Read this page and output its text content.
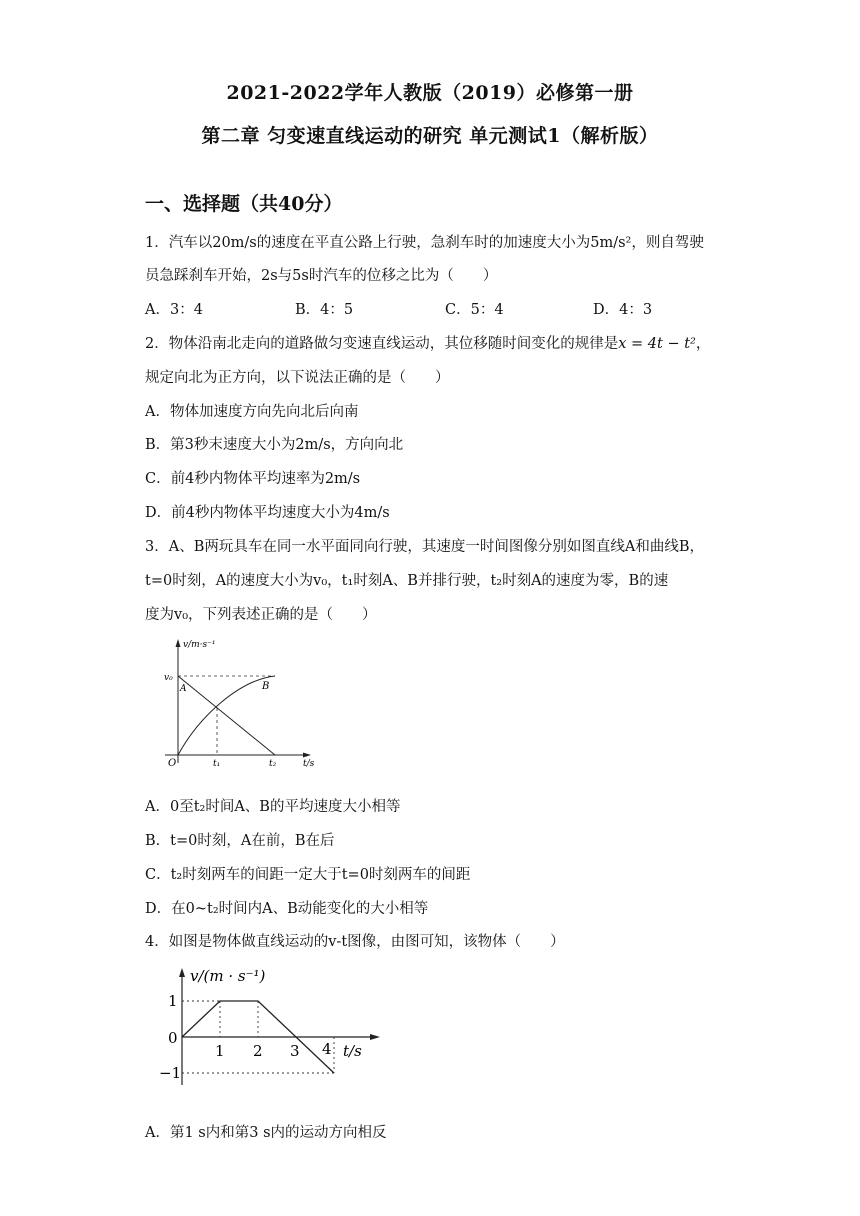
2021-2022学年人教版（2019）必修第一册
第二章 匀变速直线运动的研究 单元测试1（解析版）
一、选择题（共40分）
1．汽车以20m/s的速度在平直公路上行驶，急刹车时的加速度大小为5m/s²，则自驾驶
员急踩刹车开始，2s与5s时汽车的位移之比为（　　）
A．3：4	B．4：5	C．5：4	D．4：3
2．物体沿南北走向的道路做匀变速直线运动，其位移随时间变化的规律是x = 4t − t²，
规定向北为正方向，以下说法正确的是（　　）
A．物体加速度方向先向北后向南
B．第3秒末速度大小为2m/s，方向向北
C．前4秒内物体平均速率为2m/s
D．前4秒内物体平均速度大小为4m/s
3．A、B两玩具车在同一水平面同向行驶，其速度一时间图像分别如图直线A和曲线B，
t=0时刻，A的速度大小为v₀，t₁时刻A、B并排行驶，t₂时刻A的速度为零，B的速
度为v₀，下列表述正确的是（　　）
v/m·s⁻¹
v₀
A	B
O	t₁	t₂	t/s
A．0至t₂时间A、B的平均速度大小相等
B．t=0时刻，A在前，B在后
C．t₂时刻两车的间距一定大于t=0时刻两车的间距
D．在0~t₂时间内A、B动能变化的大小相等
4．如图是物体做直线运动的v-t图像，由图可知，该物体（　　）
v/(m · s⁻¹)
1
0
−1
1 2 3 4 t/s
A．第1 s内和第3 s内的运动方向相反
